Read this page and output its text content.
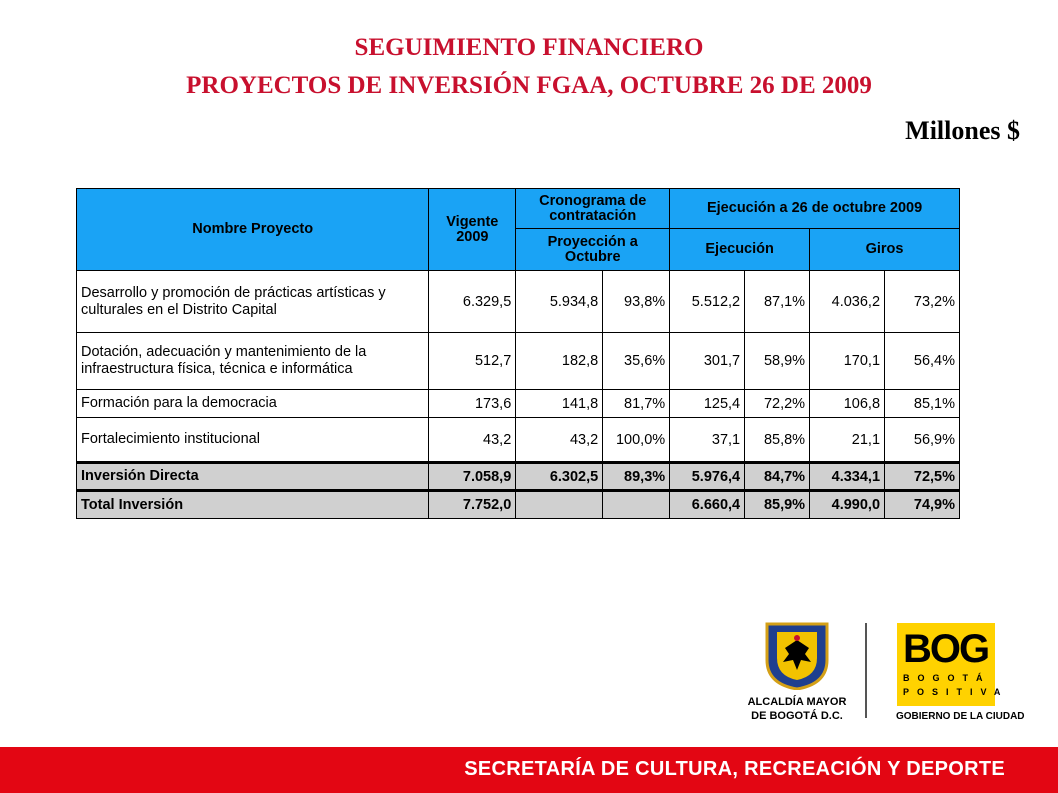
SEGUIMIENTO FINANCIERO
PROYECTOS DE INVERSIÓN FGAA, OCTUBRE 26 DE 2009
Millones $
Nombre Proyecto	Vigente 2009	Cronograma de contratación		Ejecución a 26 de octubre 2009			
		Proyección a Octubre		Ejecución		Giros	
Desarrollo y promoción de prácticas artísticas y culturales en el Distrito Capital	6.329,5	5.934,8	93,8%	5.512,2	87,1%	4.036,2	73,2%
Dotación, adecuación y mantenimiento de la infraestructura física, técnica e informática	512,7	182,8	35,6%	301,7	58,9%	170,1	56,4%
Formación para la democracia	173,6	141,8	81,7%	125,4	72,2%	106,8	85,1%
Fortalecimiento institucional	43,2	43,2	100,0%	37,1	85,8%	21,1	56,9%
Inversión Directa	7.058,9	6.302,5	89,3%	5.976,4	84,7%	4.334,1	72,5%
Total Inversión	7.752,0			6.660,4	85,9%	4.990,0	74,9%
ALCALDÍA MAYOR
DE BOGOTÁ D.C.
BOG
BOGOTÁ
POSITIVA
GOBIERNO DE LA CIUDAD
SECRETARÍA DE CULTURA, RECREACIÓN Y DEPORTE
